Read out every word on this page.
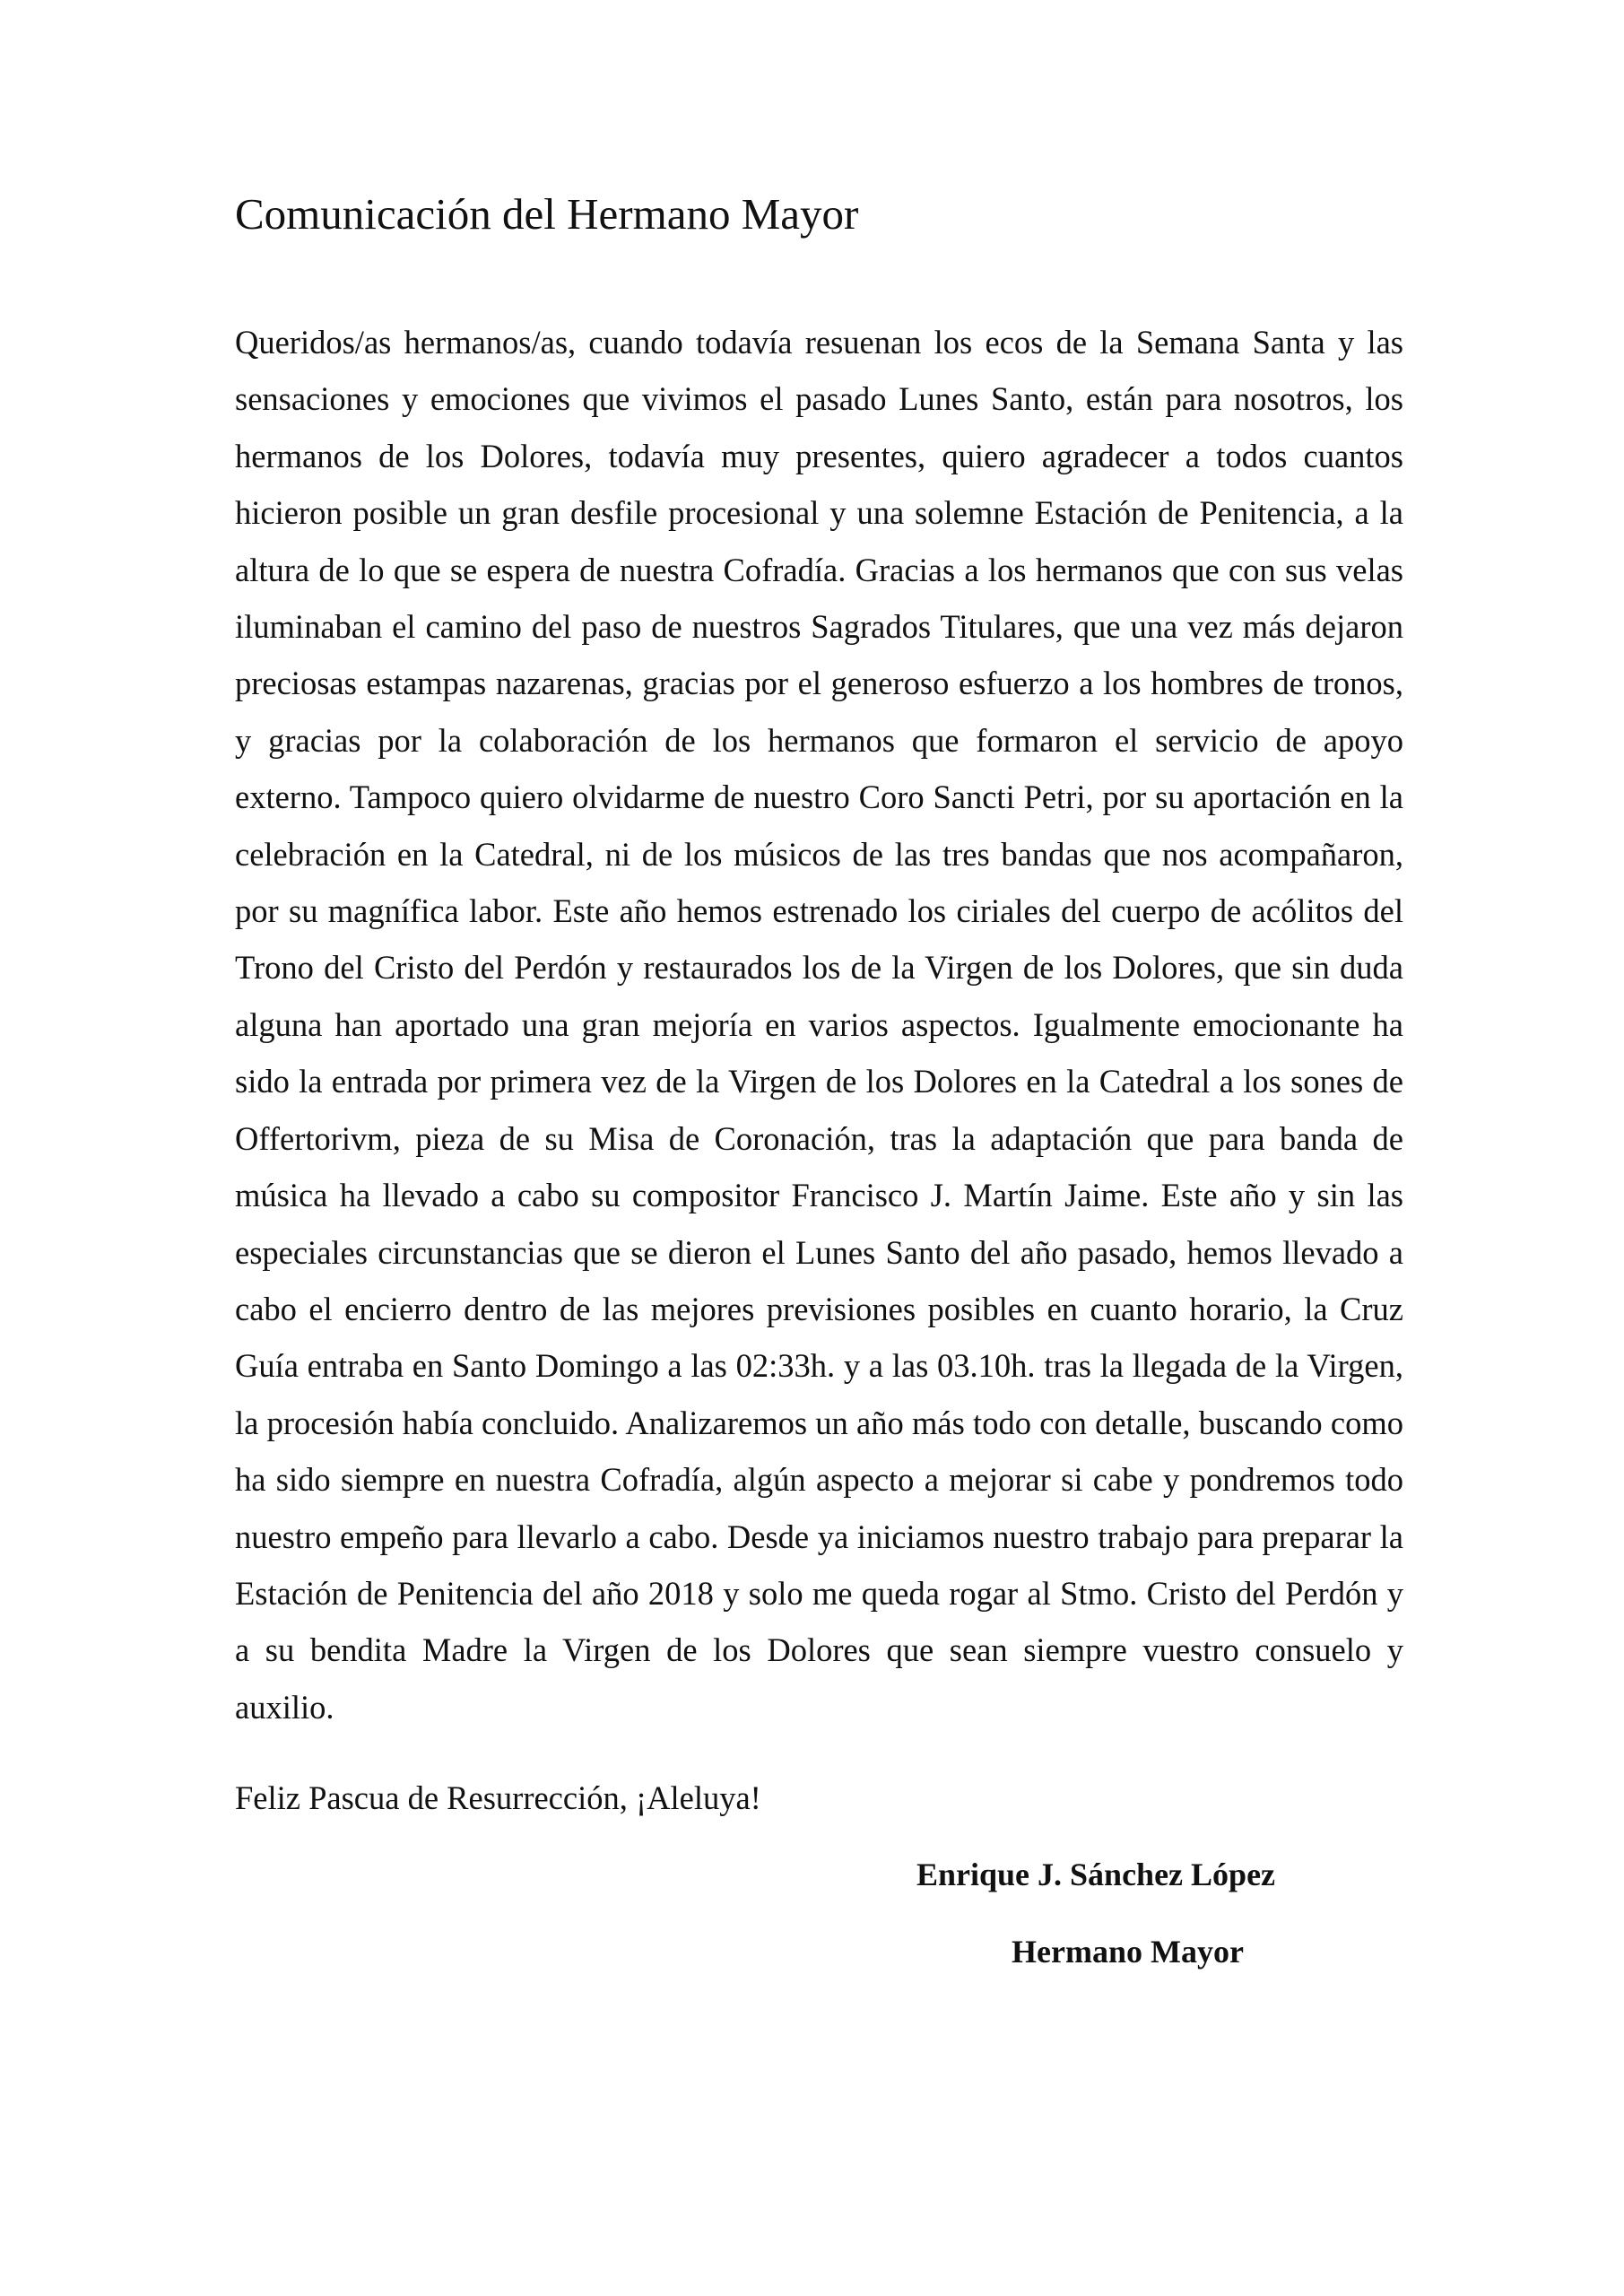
Comunicación del Hermano Mayor

Queridos/as hermanos/as, cuando todavía resuenan los ecos de la Semana Santa y las sensaciones y emociones que vivimos el pasado Lunes Santo, están para nosotros, los hermanos de los Dolores, todavía muy presentes, quiero agradecer a todos cuantos hicieron posible un gran desfile procesional y una solemne Estación de Penitencia, a la altura de lo que se espera de nuestra Cofradía. Gracias a los hermanos que con sus velas iluminaban el camino del paso de nuestros Sagrados Titulares, que una vez más dejaron preciosas estampas nazarenas, gracias por el generoso esfuerzo a los hombres de tronos, y gracias por la colaboración de los hermanos que formaron el servicio de apoyo externo. Tampoco quiero olvidarme de nuestro Coro Sancti Petri, por su aportación en la celebración en la Catedral, ni de los músicos de las tres bandas que nos acompañaron, por su magnífica labor. Este año hemos estrenado los ciriales del cuerpo de acólitos del Trono del Cristo del Perdón y restaurados los de la Virgen de los Dolores, que sin duda alguna han aportado una gran mejoría en varios aspectos. Igualmente emocionante ha sido la entrada por primera vez de la Virgen de los Dolores en la Catedral a los sones de Offertorivm, pieza de su Misa de Coronación, tras la adaptación que para banda de música ha llevado a cabo su compositor Francisco J. Martín Jaime. Este año y sin las especiales circunstancias que se dieron el Lunes Santo del año pasado, hemos llevado a cabo el encierro dentro de las mejores previsiones posibles en cuanto horario, la Cruz Guía entraba en Santo Domingo a las 02:33h. y a las 03.10h. tras la llegada de la Virgen, la procesión había concluido. Analizaremos un año más todo con detalle, buscando como ha sido siempre en nuestra Cofradía, algún aspecto a mejorar si cabe y pondremos todo nuestro empeño para llevarlo a cabo. Desde ya iniciamos nuestro trabajo para preparar la Estación de Penitencia del año 2018 y solo me queda rogar al Stmo. Cristo del Perdón y a su bendita Madre la Virgen de los Dolores que sean siempre vuestro consuelo y auxilio.

Feliz Pascua de Resurrección, ¡Aleluya!

Enrique J. Sánchez López

Hermano Mayor
